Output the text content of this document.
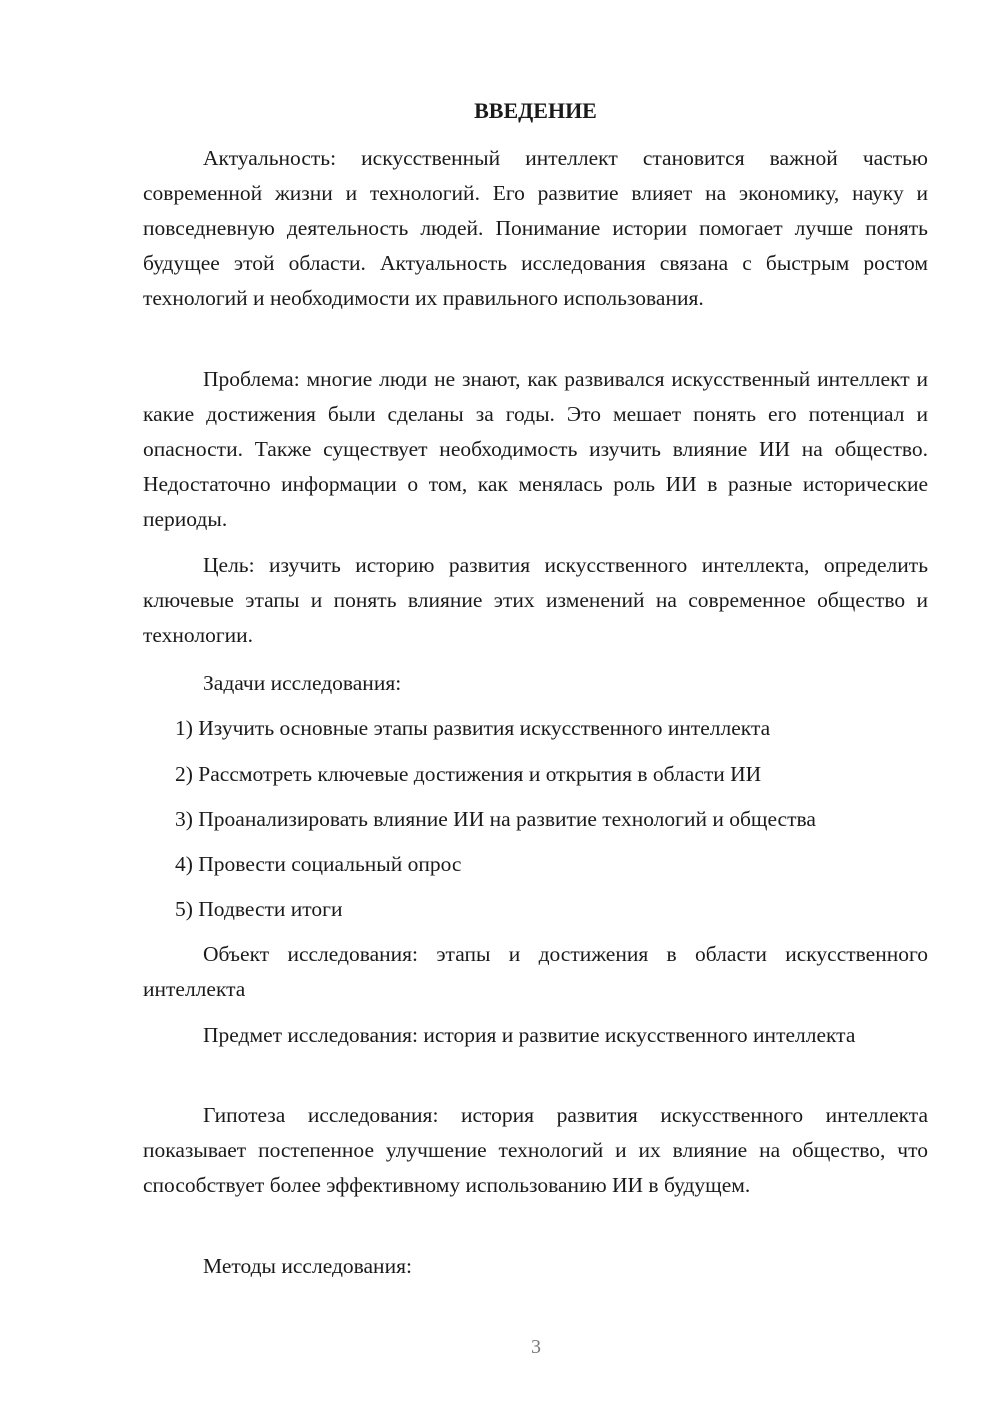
ВВЕДЕНИЕ

Актуальность: искусственный интеллект становится важной частью современной жизни и технологий. Его развитие влияет на экономику, науку и повседневную деятельность людей. Понимание истории помогает лучше понять будущее этой области. Актуальность исследования связана с быстрым ростом технологий и необходимости их правильного использования.

Проблема: многие люди не знают, как развивался искусственный интеллект и какие достижения были сделаны за годы. Это мешает понять его потенциал и опасности. Также существует необходимость изучить влияние ИИ на общество. Недостаточно информации о том, как менялась роль ИИ в разные исторические периоды.

Цель: изучить историю развития искусственного интеллекта, определить ключевые этапы и понять влияние этих изменений на современное общество и технологии.

Задачи исследования:

1) Изучить основные этапы развития искусственного интеллекта

2) Рассмотреть ключевые достижения и открытия в области ИИ

3) Проанализировать влияние ИИ на развитие технологий и общества

4) Провести социальный опрос

5) Подвести итоги

Объект исследования: этапы и достижения в области искусственного интеллекта

Предмет исследования: история и развитие искусственного интеллекта

Гипотеза исследования: история развития искусственного интеллекта показывает постепенное улучшение технологий и их влияние на общество, что способствует более эффективному использованию ИИ в будущем.

Методы исследования:

3
